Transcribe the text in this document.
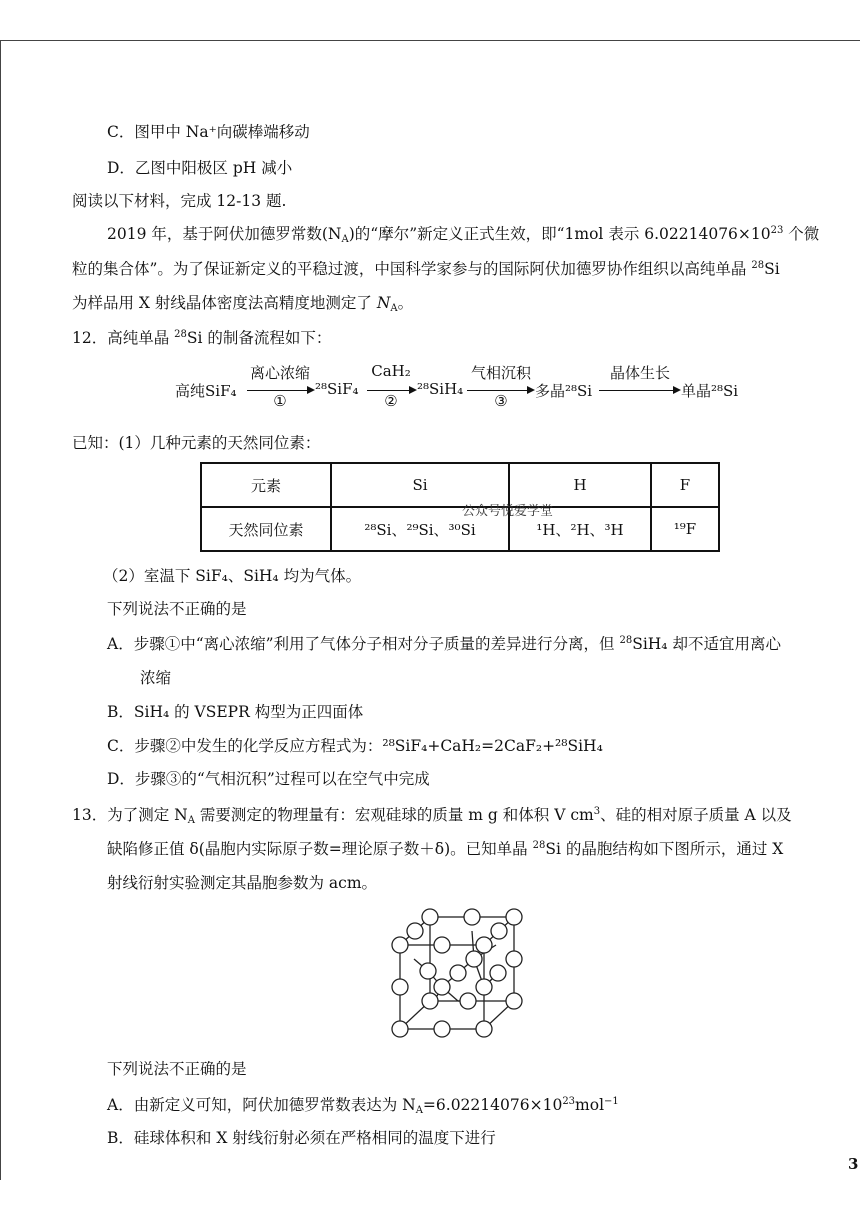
C．图甲中 Na⁺向碳棒端移动
D．乙图中阳极区 pH 减小
阅读以下材料，完成 12-13 题.
2019 年，基于阿伏加德罗常数$(N_A)$的“摩尔”新定义正式生效，即“1mol 表示 $6.02214076\times 10^{23}$ 个微
粒的集合体”。为了保证新定义的平稳过渡，中国科学家参与的国际阿伏加德罗协作组织以高纯单晶 $^{28}$Si
为样品用 X 射线晶体密度法高精度地测定了 $N_A$。
12．高纯单晶 $^{28}$Si 的制备流程如下：
高纯SiF₄
离心浓缩
①
²⁸SiF₄
CaH₂
②
²⁸SiH₄
气相沉积
③
多晶²⁸Si
晶体生长
单晶²⁸Si
已知：(1）几种元素的天然同位素：
元素	Si	H	F
天然同位素	²⁸Si、²⁹Si、³⁰Si	¹H、²H、³H	¹⁹F
公众号悦爱学堂
（2）室温下 SiF₄、SiH₄ 均为气体。
下列说法不正确的是
A．步骤①中“离心浓缩”利用了气体分子相对分子质量的差异进行分离，但 $^{28}$SiH₄ 却不适宜用离心
浓缩
B．SiH₄ 的 VSEPR 构型为正四面体
C．步骤②中发生的化学反应方程式为：²⁸SiF₄+CaH₂=2CaF₂+²⁸SiH₄
D．步骤③的“气相沉积”过程可以在空气中完成
13．为了测定 $N_A$ 需要测定的物理量有：宏观硅球的质量 m g 和体积 V $cm^3$、硅的相对原子质量 A 以及
缺陷修正值 δ(晶胞内实际原子数=理论原子数＋δ)。已知单晶 $^{28}$Si 的晶胞结构如下图所示，通过 X
射线衍射实验测定其晶胞参数为 acm。
下列说法不正确的是
A．由新定义可知，阿伏加德罗常数表达为 $N_A=6.02214076\times 10^{23}mol^{-1}$
B．硅球体积和 X 射线衍射必须在严格相同的温度下进行
3
